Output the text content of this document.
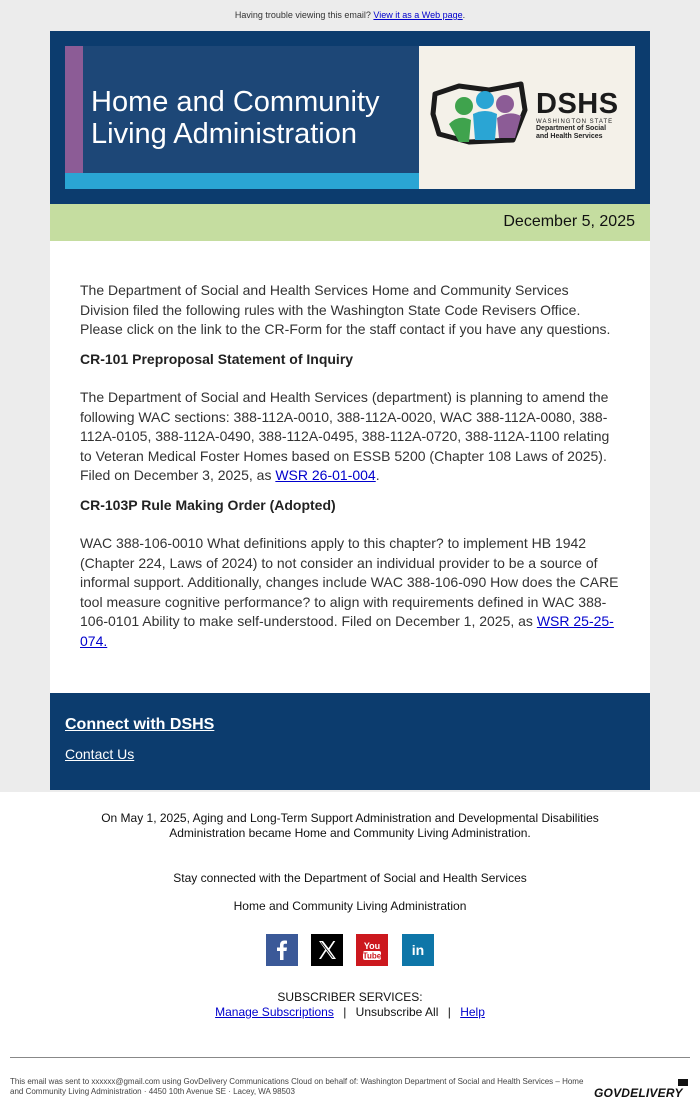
Having trouble viewing this email? View it as a Web page.
Home and Community
Living Administration
DSHS
WASHINGTON STATE
Department of Social
and Health Services
December 5, 2025

The Department of Social and Health Services Home and Community Services Division filed the following rules with the Washington State Code Revisers Office. Please click on the link to the CR-Form for the staff contact if you have any questions.

CR-101 Preproposal Statement of Inquiry

The Department of Social and Health Services (department) is planning to amend the following WAC sections: 388-112A-0010, 388-112A-0020, WAC 388-112A-0080, 388-112A-0105, 388-112A-0490, 388-112A-0495, 388-112A-0720, 388-112A-1100 relating to Veteran Medical Foster Homes based on ESSB 5200 (Chapter 108 Laws of 2025). Filed on December 3, 2025, as WSR 26-01-004.

CR-103P Rule Making Order (Adopted)

WAC 388-106-0010 What definitions apply to this chapter? to implement HB 1942 (Chapter 224, Laws of 2024) to not consider an individual provider to be a source of informal support. Additionally, changes include WAC 388-106-090 How does the CARE tool measure cognitive performance? to align with requirements defined in WAC 388-106-0101 Ability to make self-understood. Filed on December 1, 2025, as WSR 25-25-074.

Connect with DSHS
Contact Us
On May 1, 2025, Aging and Long-Term Support Administration and Developmental Disabilities Administration became Home and Community Living Administration.
Stay connected with the Department of Social and Health Services
Home and Community Living Administration
You
Tube in
SUBSCRIBER SERVICES:
Manage Subscriptions | Unsubscribe All | Help
This email was sent to xxxxxx@gmail.com using GovDelivery Communications Cloud on behalf of: Washington Department of Social and Health Services – Home and Community Living Administration · 4450 10th Avenue SE · Lacey, WA 98503	GOVDELIVERY
